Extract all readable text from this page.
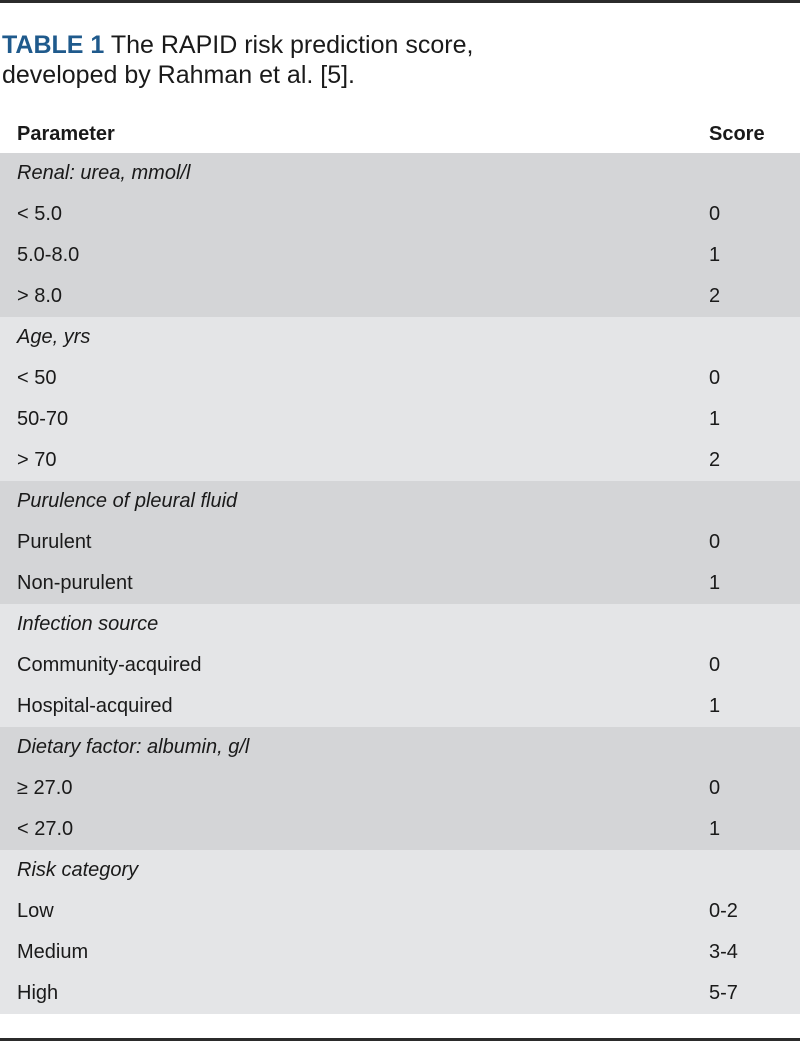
TABLE 1 The RAPID risk prediction score,
developed by Rahman et al. [5].
Parameter	Score
Renal: urea, mmol/l
< 5.0	0
5.0-8.0	1
> 8.0	2
Age, yrs
< 50	0
50-70	1
> 70	2
Purulence of pleural fluid
Purulent	0
Non-purulent	1
Infection source
Community-acquired	0
Hospital-acquired	1
Dietary factor: albumin, g/l
≥ 27.0	0
< 27.0	1
Risk category
Low	0-2
Medium	3-4
High	5-7
